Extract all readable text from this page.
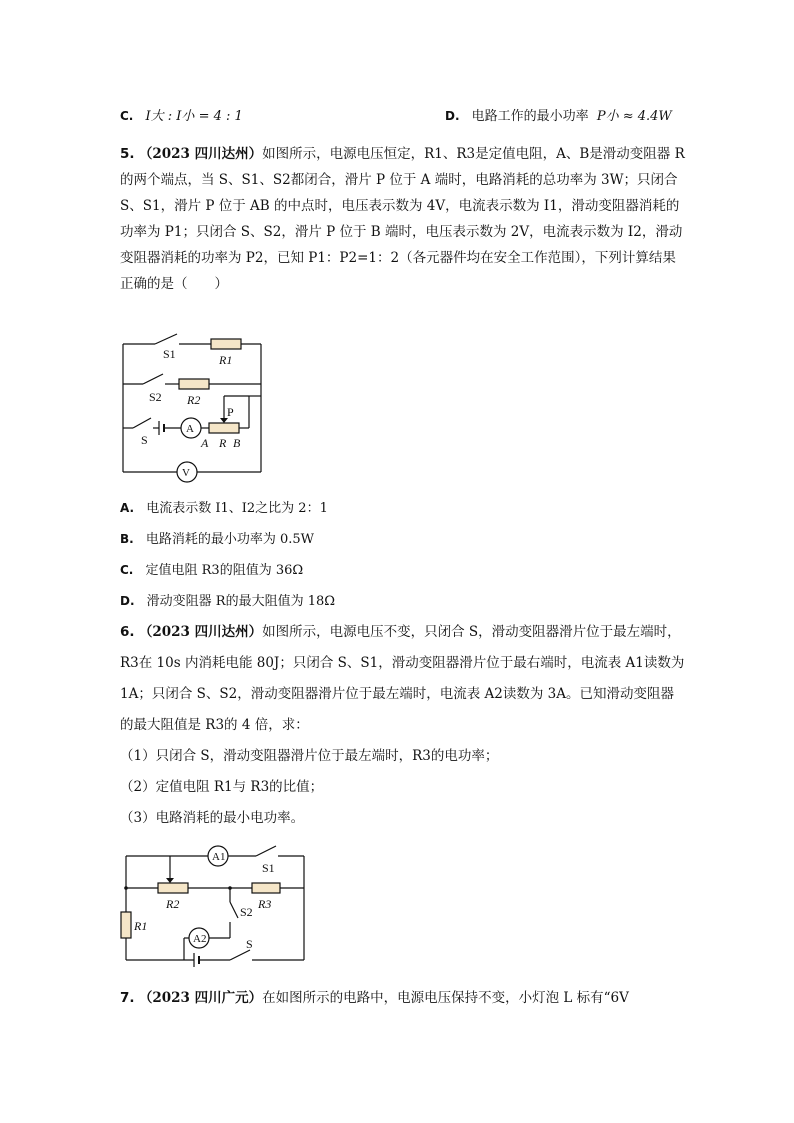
C. I大 : I小 = 4 : 1	D. 电路工作的最小功率 P小 ≈ 4.4W
5. （2023 四川达州）如图所示，电源电压恒定，R1、R3是定值电阻，A、B是滑动变阻器 R
的两个端点，当 S、S1、S2都闭合，滑片 P 位于 A 端时，电路消耗的总功率为 3W；只闭合
S、S1，滑片 P 位于 AB 的中点时，电压表示数为 4V，电流表示数为 I1，滑动变阻器消耗的
功率为 P1；只闭合 S、S2，滑片 P 位于 B 端时，电压表示数为 2V，电流表示数为 I2，滑动
变阻器消耗的功率为 P2，已知 P1：P2=1：2（各元器件均在安全工作范围），下列计算结果
正确的是（　　）
S1	R1
S2 R2
P
S
A
A R B
V
A. 电流表示数 I1、I2之比为 2：1
B. 电路消耗的最小功率为 0.5W
C. 定值电阻 R3的阻值为 36Ω
D. 滑动变阻器 R的最大阻值为 18Ω
6. （2023 四川达州）如图所示，电源电压不变，只闭合 S，滑动变阻器滑片位于最左端时，
R3在 10s 内消耗电能 80J；只闭合 S、S1，滑动变阻器滑片位于最右端时，电流表 A1读数为
1A；只闭合 S、S2，滑动变阻器滑片位于最左端时，电流表 A2读数为 3A。已知滑动变阻器
的最大阻值是 R3的 4 倍，求：
（1）只闭合 S，滑动变阻器滑片位于最左端时，R3的电功率；
（2）定值电阻 R1与 R3的比值；
（3）电路消耗的最小电功率。
A1
S1
R2	R3
S2
R1
A2	S
7. （2023 四川广元）在如图所示的电路中，电源电压保持不变，小灯泡 L 标有“6V
